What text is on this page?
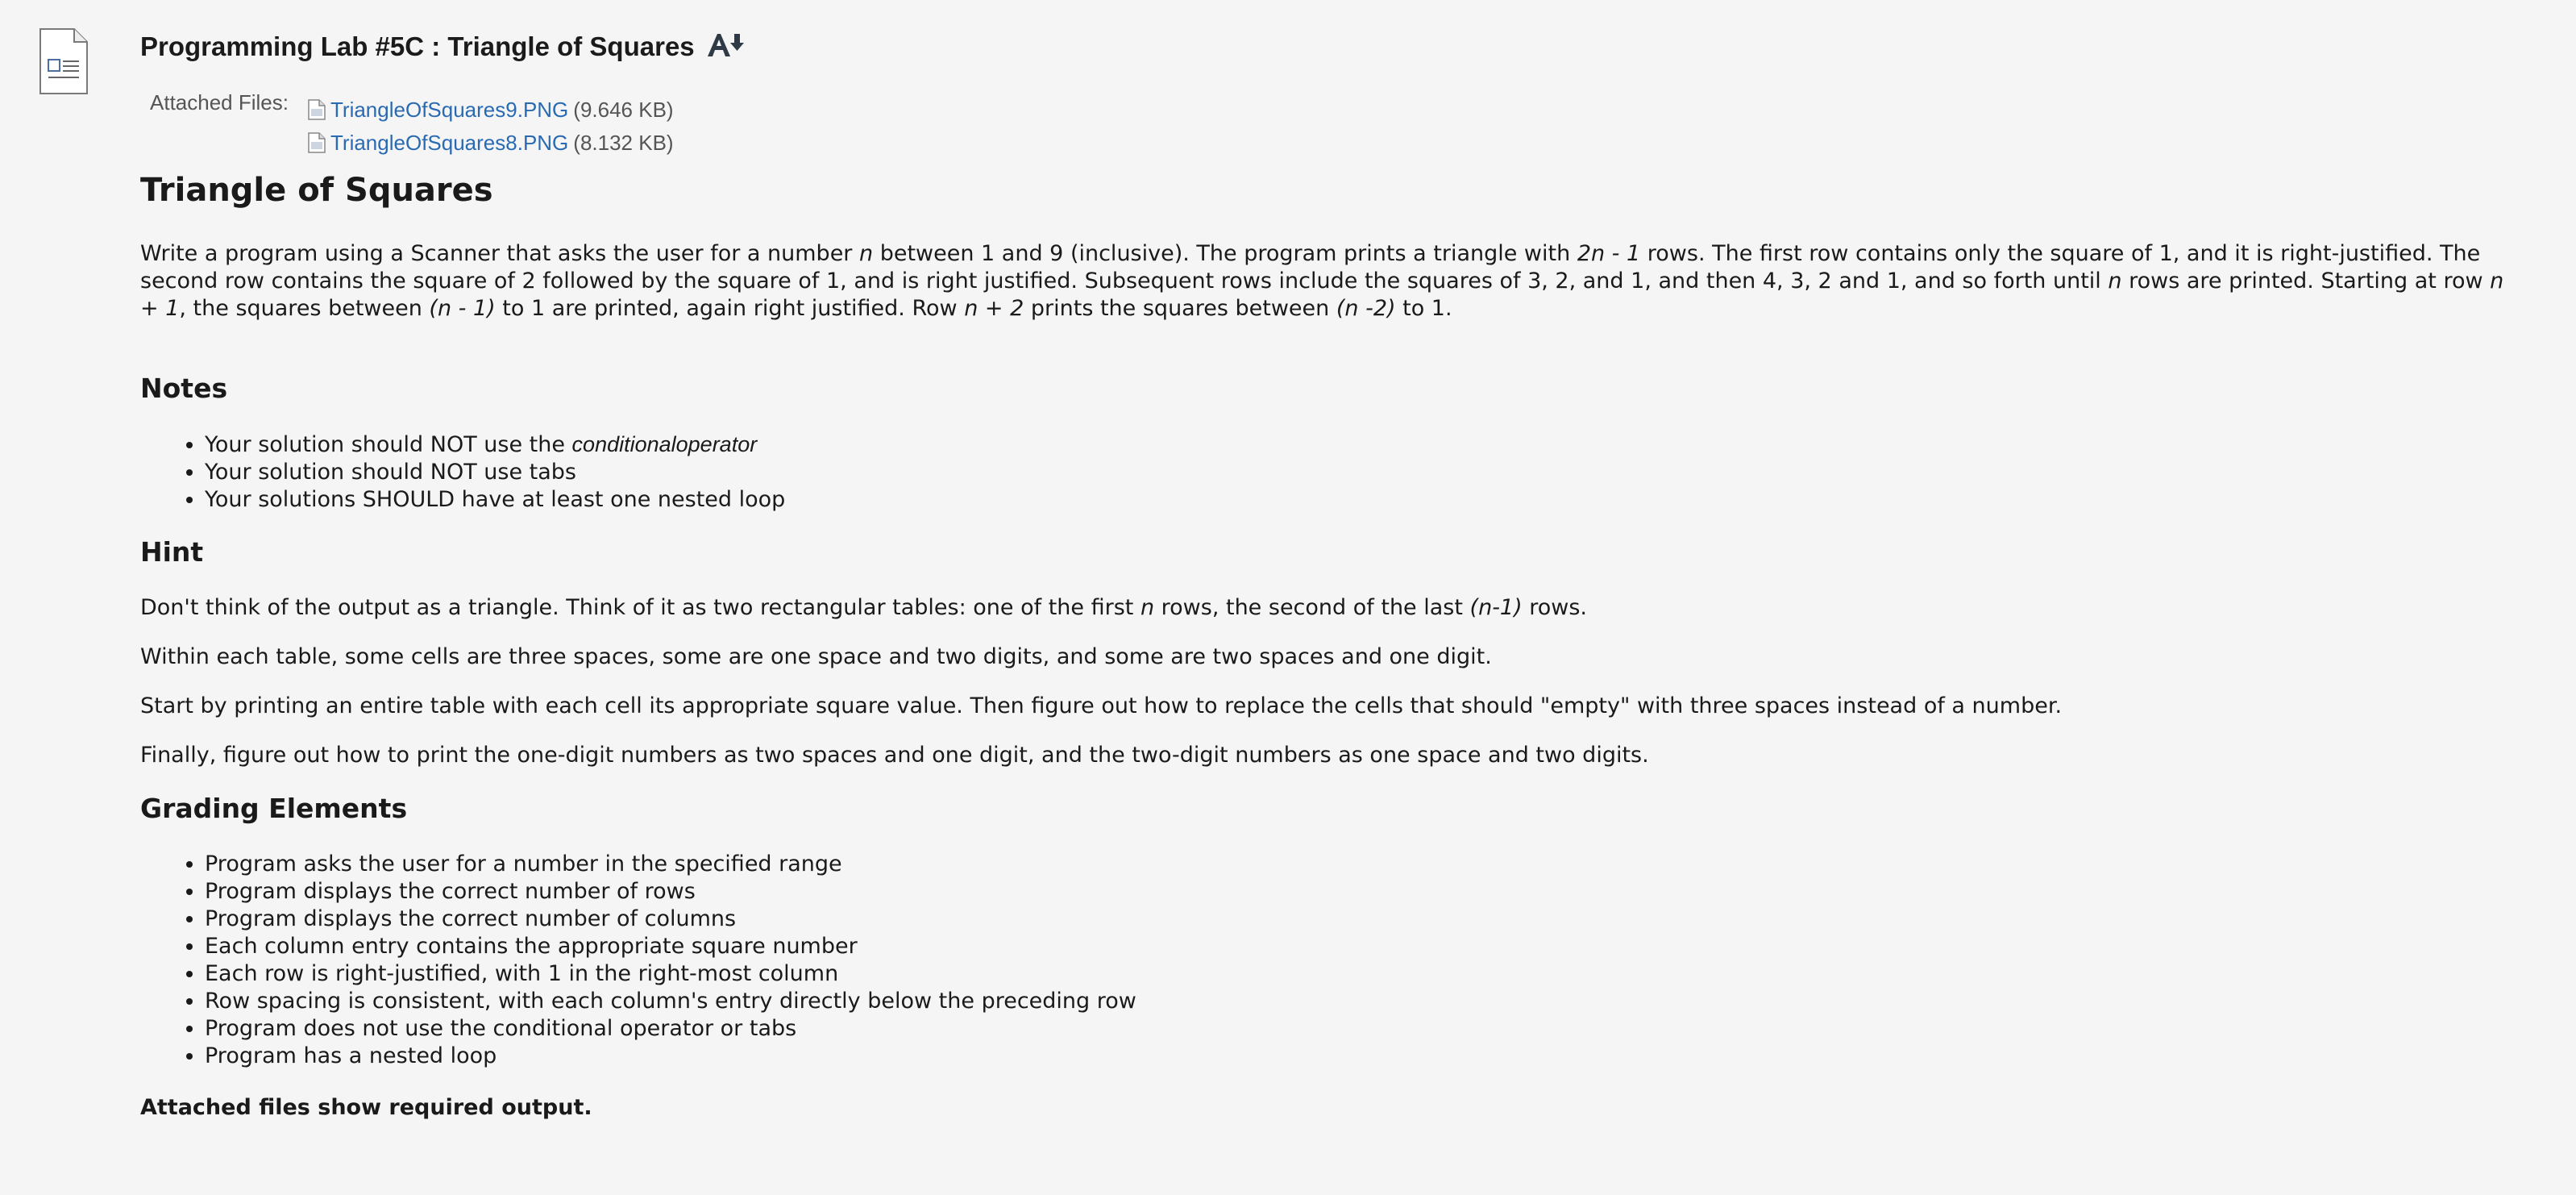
Programming Lab #5C : Triangle of Squares
Attached Files: TriangleOfSquares9.PNG (9.646 KB)
TriangleOfSquares8.PNG (8.132 KB)
Triangle of Squares

Write a program using a Scanner that asks the user for a number n between 1 and 9 (inclusive). The program prints a triangle with 2n - 1 rows. The first row contains only the square of 1, and it is right-justified. The second row contains the square of 2 followed by the square of 1, and is right justified. Subsequent rows include the squares of 3, 2, and 1, and then 4, 3, 2 and 1, and so forth until n rows are printed. Starting at row n + 1, the squares between (n - 1) to 1 are printed, again right justified. Row n + 2 prints the squares between (n -2) to 1.

Notes
• Your solution should NOT use the conditionaloperator
• Your solution should NOT use tabs
• Your solutions SHOULD have at least one nested loop
Hint

Don't think of the output as a triangle. Think of it as two rectangular tables: one of the first n rows, the second of the last (n-1) rows.

Within each table, some cells are three spaces, some are one space and two digits, and some are two spaces and one digit.

Start by printing an entire table with each cell its appropriate square value. Then figure out how to replace the cells that should "empty" with three spaces instead of a number.

Finally, figure out how to print the one-digit numbers as two spaces and one digit, and the two-digit numbers as one space and two digits.

Grading Elements
• Program asks the user for a number in the specified range
• Program displays the correct number of rows
• Program displays the correct number of columns
• Each column entry contains the appropriate square number
• Each row is right-justified, with 1 in the right-most column
• Row spacing is consistent, with each column's entry directly below the preceding row
• Program does not use the conditional operator or tabs
• Program has a nested loop

Attached files show required output.
